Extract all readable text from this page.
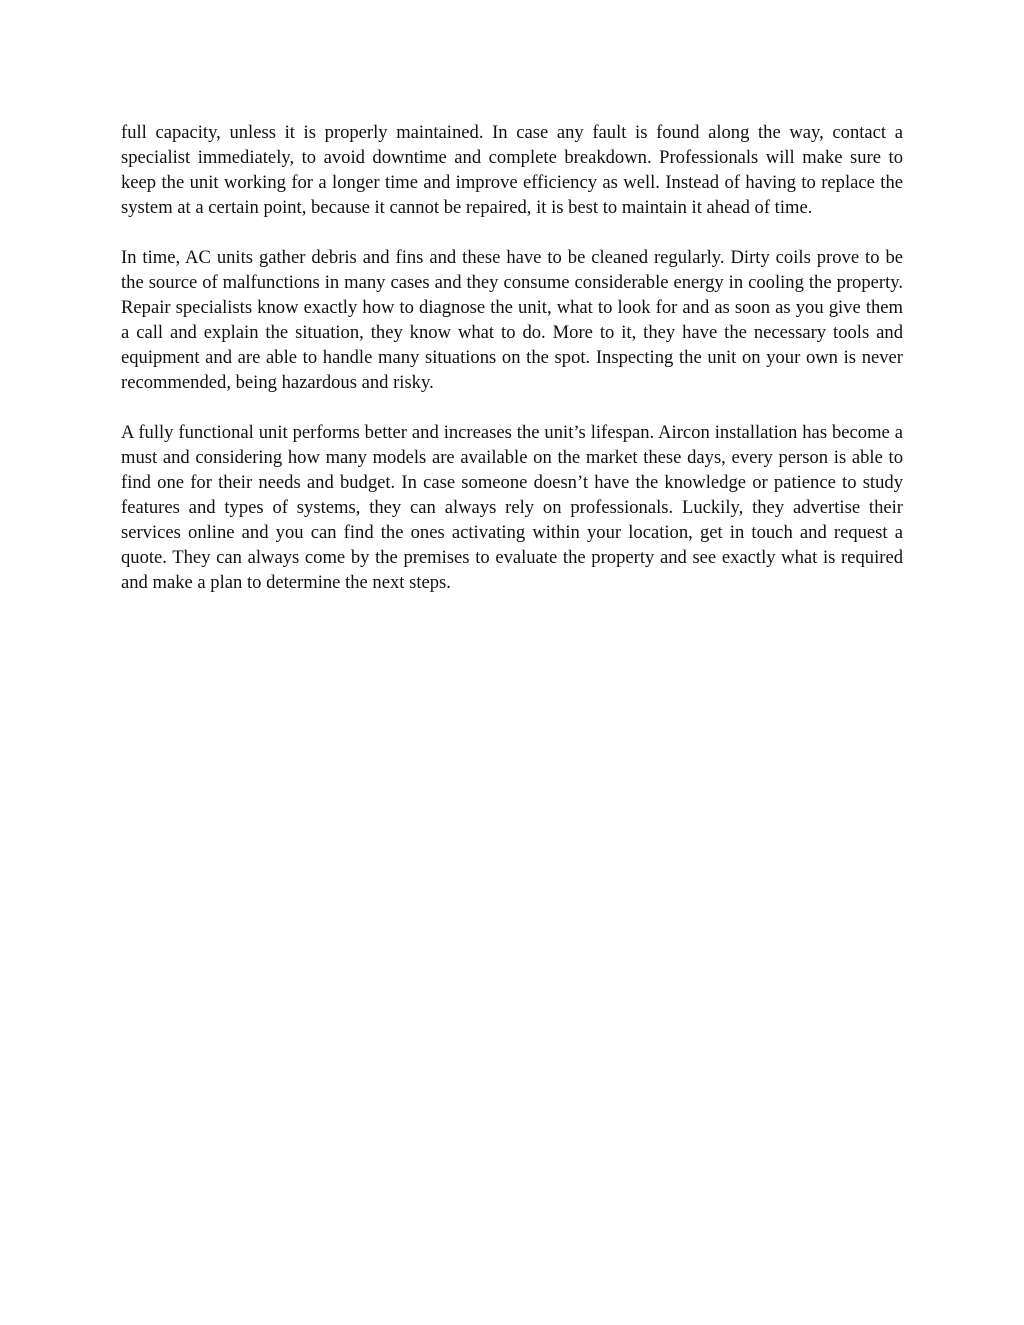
full capacity, unless it is properly maintained. In case any fault is found along the way, contact a specialist immediately, to avoid downtime and complete breakdown. Professionals will make sure to keep the unit working for a longer time and improve efficiency as well. Instead of having to replace the system at a certain point, because it cannot be repaired, it is best to maintain it ahead of time.

In time, AC units gather debris and fins and these have to be cleaned regularly. Dirty coils prove to be the source of malfunctions in many cases and they consume considerable energy in cooling the property. Repair specialists know exactly how to diagnose the unit, what to look for and as soon as you give them a call and explain the situation, they know what to do. More to it, they have the necessary tools and equipment and are able to handle many situations on the spot. Inspecting the unit on your own is never recommended, being hazardous and risky.

A fully functional unit performs better and increases the unit’s lifespan. Aircon installation has become a must and considering how many models are available on the market these days, every person is able to find one for their needs and budget. In case someone doesn’t have the knowledge or patience to study features and types of systems, they can always rely on professionals. Luckily, they advertise their services online and you can find the ones activating within your location, get in touch and request a quote. They can always come by the premises to evaluate the property and see exactly what is required and make a plan to determine the next steps.
